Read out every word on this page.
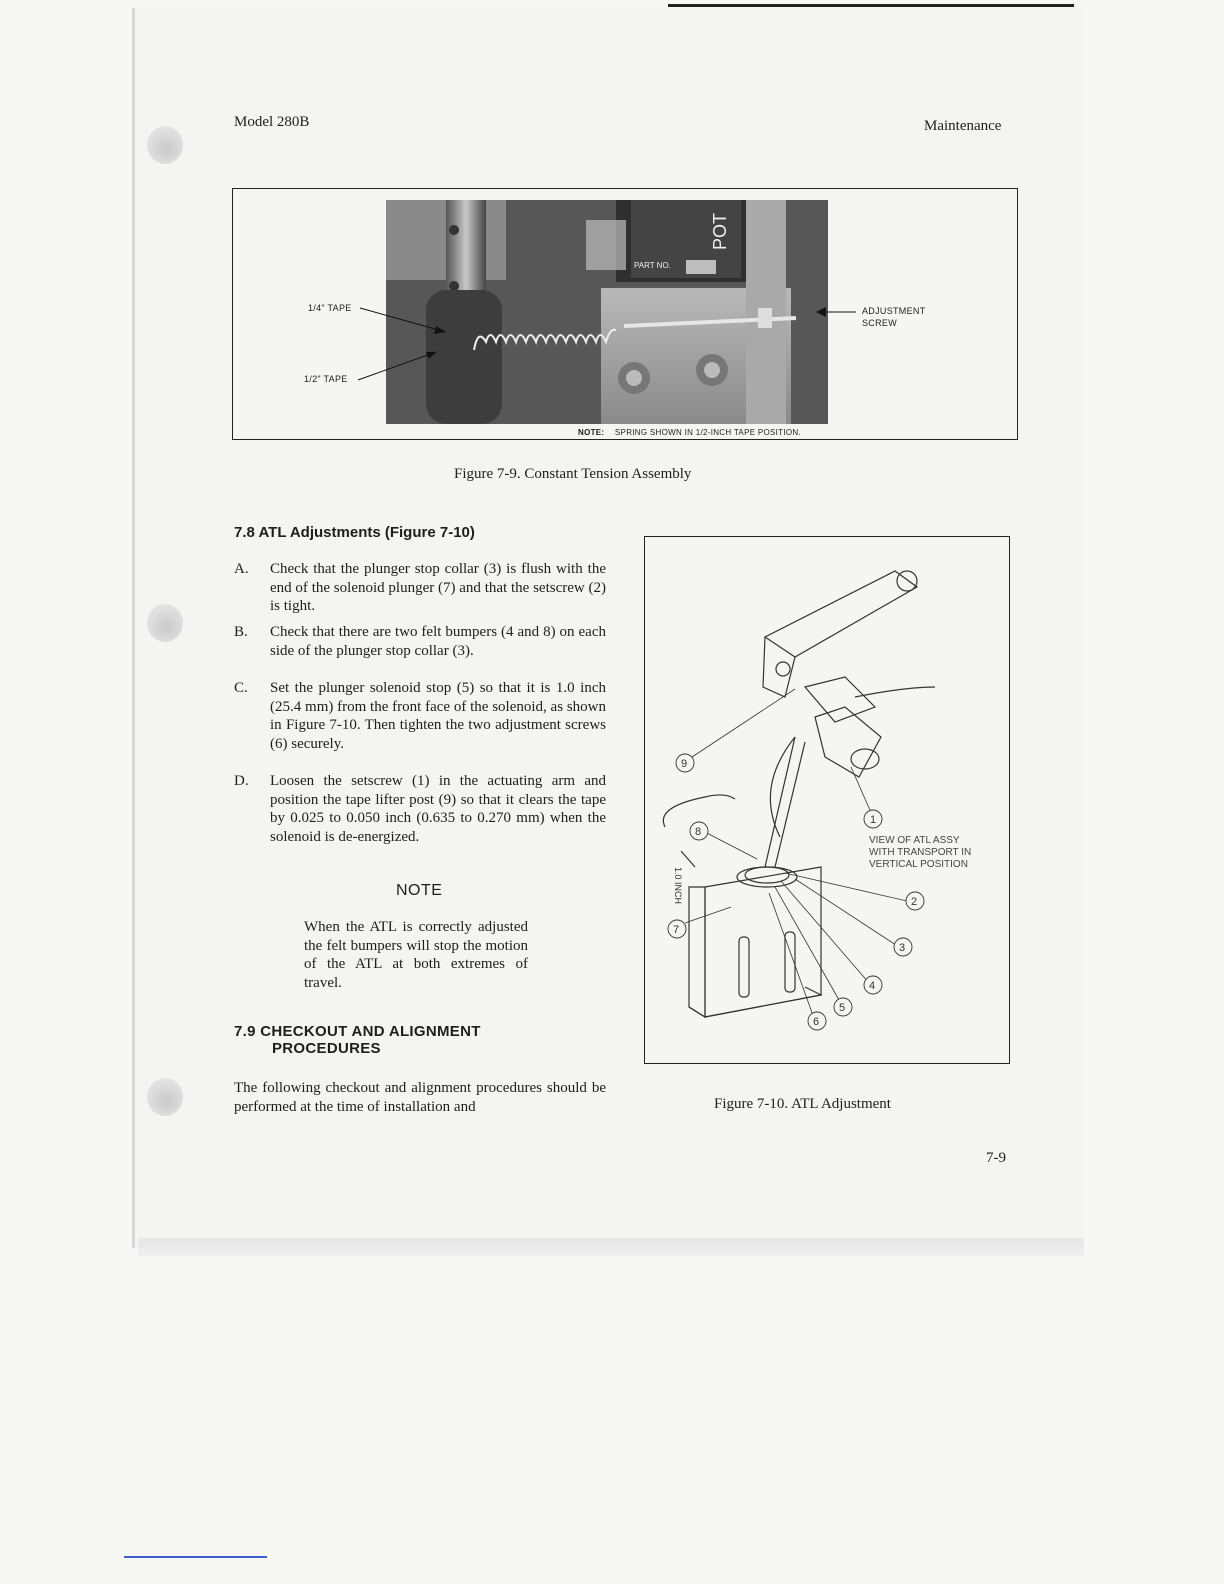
Model 280B	Maintenance
PART NO.
POT
1/4" TAPE
1/2" TAPE
ADJUSTMENT SCREW
NOTE: SPRING SHOWN IN 1/2-INCH TAPE POSITION.
Figure 7-9. Constant Tension Assembly
7.8 ATL Adjustments (Figure 7-10)
A. Check that the plunger stop collar (3) is flush with the end of the solenoid plunger (7) and that the setscrew (2) is tight.
B. Check that there are two felt bumpers (4 and 8) on each side of the plunger stop collar (3).
C. Set the plunger solenoid stop (5) so that it is 1.0 inch (25.4 mm) from the front face of the solenoid, as shown in Figure 7-10. Then tighten the two adjustment screws (6) securely.
D. Loosen the setscrew (1) in the actuating arm and position the tape lifter post (9) so that it clears the tape by 0.025 to 0.050 inch (0.635 to 0.270 mm) when the solenoid is de-energized.
NOTE
When the ATL is correctly adjusted the felt bumpers will stop the motion of the ATL at both extremes of travel.
7.9 CHECKOUT AND ALIGNMENT
PROCEDURES
The following checkout and alignment procedures should be performed at the time of installation and
9
8
7
1
2
3
4
5
6
1.0 INCH
VIEW OF ATL ASSY
WITH TRANSPORT IN
VERTICAL POSITION
Figure 7-10. ATL Adjustment
7-9
